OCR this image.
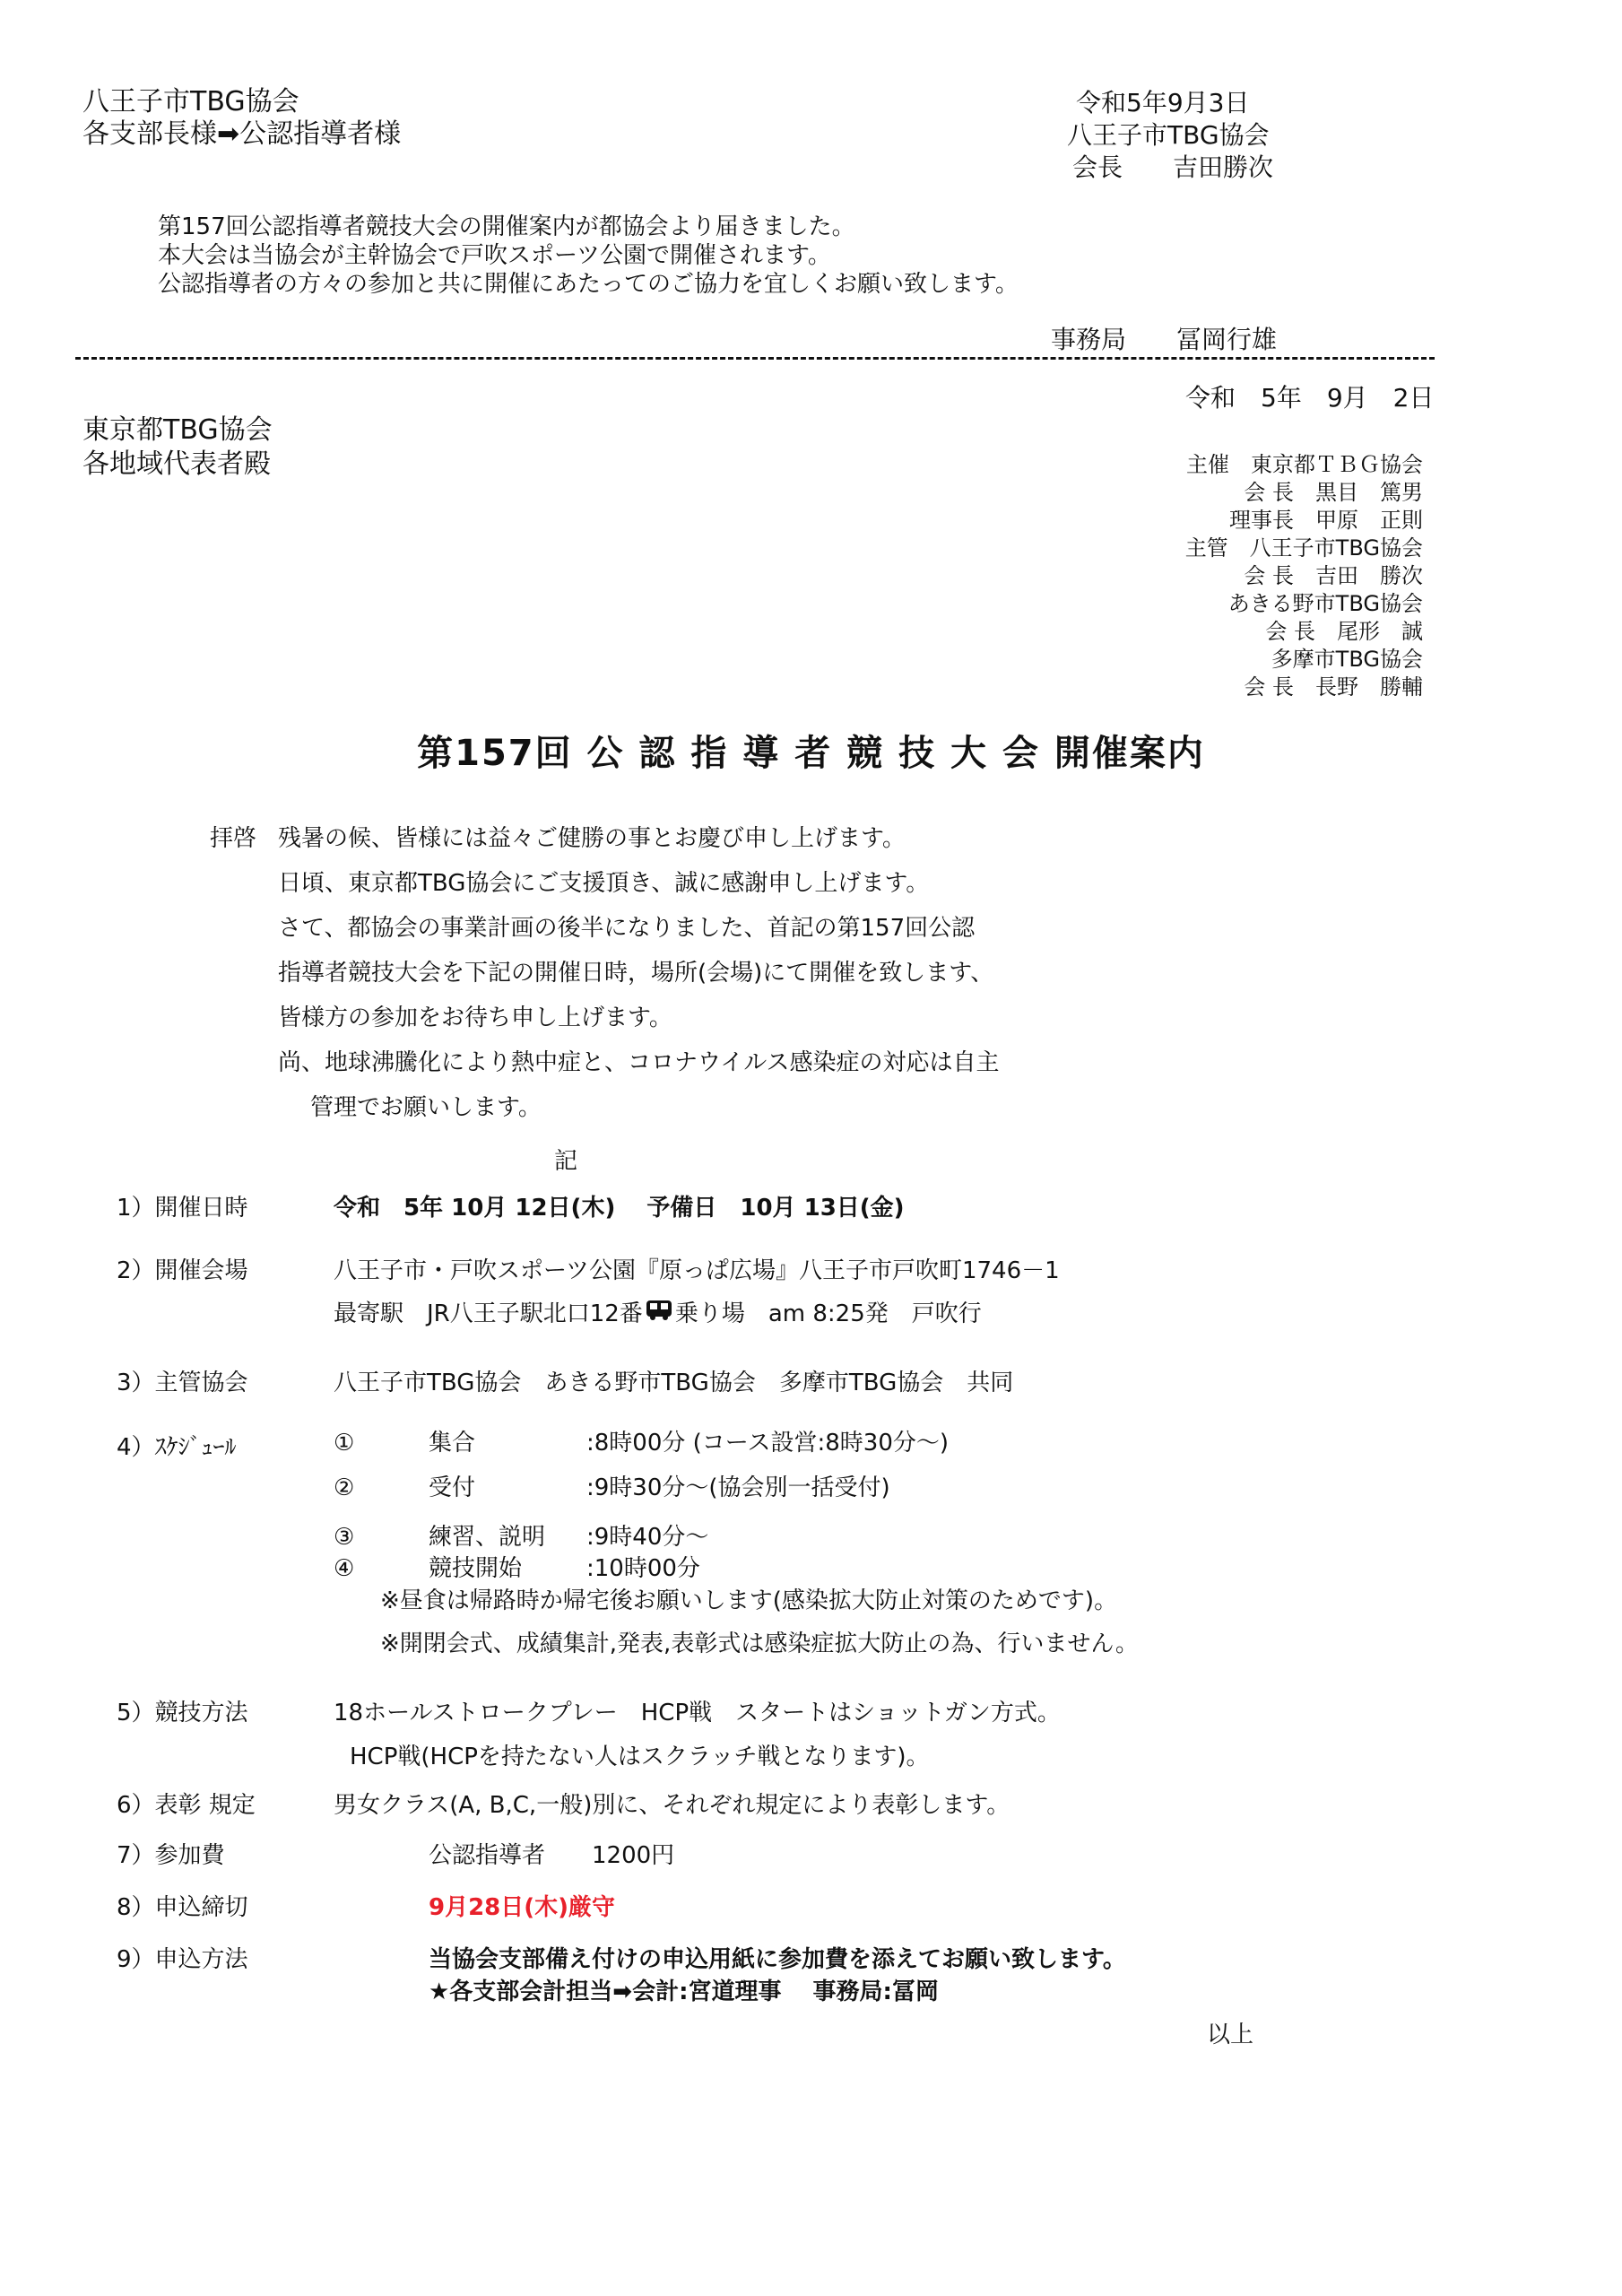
八王子市TBG協会
各支部長様➡公認指導者様
令和5年9月3日
八王子市TBG協会
会長　　吉田勝次
第157回公認指導者競技大会の開催案内が都協会より届きました。
本大会は当協会が主幹協会で戸吹スポーツ公園で開催されます。
公認指導者の方々の参加と共に開催にあたってのご協力を宜しくお願い致します。
事務局　　冨岡行雄
令和　5年　9月　2日
東京都TBG協会
各地域代表者殿	主催　東京都ＴＢＧ協会
会 長　黒目　篤男
理事長　甲原　正則
主管　八王子市TBG協会
会 長　吉田　勝次
あきる野市TBG協会
会 長　尾形　誠
多摩市TBG協会
会 長　長野　勝輔
第157回 公 認 指 導 者 競 技 大 会 開催案内
拝啓 残暑の候、皆様には益々ご健勝の事とお慶び申し上げます。
日頃、東京都TBG協会にご支援頂き、誠に感謝申し上げます。
さて、都協会の事業計画の後半になりました、首記の第157回公認
指導者競技大会を下記の開催日時，場所(会場)にて開催を致します、
皆様方の参加をお待ち申し上げます。
尚、地球沸騰化により熱中症と、コロナウイルス感染症の対応は自主
管理でお願いします。
記
1）開催日時	令和　5年 10月 12日(木)　 予備日　10月 13日(金)
2）開催会場	八王子市・戸吹スポーツ公園『原っぱ広場』八王子市戸吹町1746－1
最寄駅　JR八王子駅北口12番 乗り場　am 8:25発　戸吹行
3）主管協会	八王子市TBG協会　あきる野市TBG協会　多摩市TBG協会　共同
4）ｽｹｼﾞｭｰﾙ	①	集合	:8時00分 (コース設営:8時30分～)
②	受付	:9時30分～(協会別一括受付)
③	練習、説明 :9時40分～
④	競技開始	:10時00分
※昼食は帰路時か帰宅後お願いします(感染拡大防止対策のためです)。
※開閉会式、成績集計,発表,表彰式は感染症拡大防止の為、行いません。
5）競技方法	18ホールストロークプレー　HCP戦　スタートはショットガン方式。
HCP戦(HCPを持たない人はスクラッチ戦となります)。
6）表彰 規定	男女クラス(A, B,C,一般)別に、それぞれ規定により表彰します。
7）参加費	公認指導者　　1200円
8）申込締切	9月28日(木)厳守
9）申込方法	当協会支部備え付けの申込用紙に参加費を添えてお願い致します。
★各支部会計担当➡会計:宮道理事　 事務局:冨岡
以上
